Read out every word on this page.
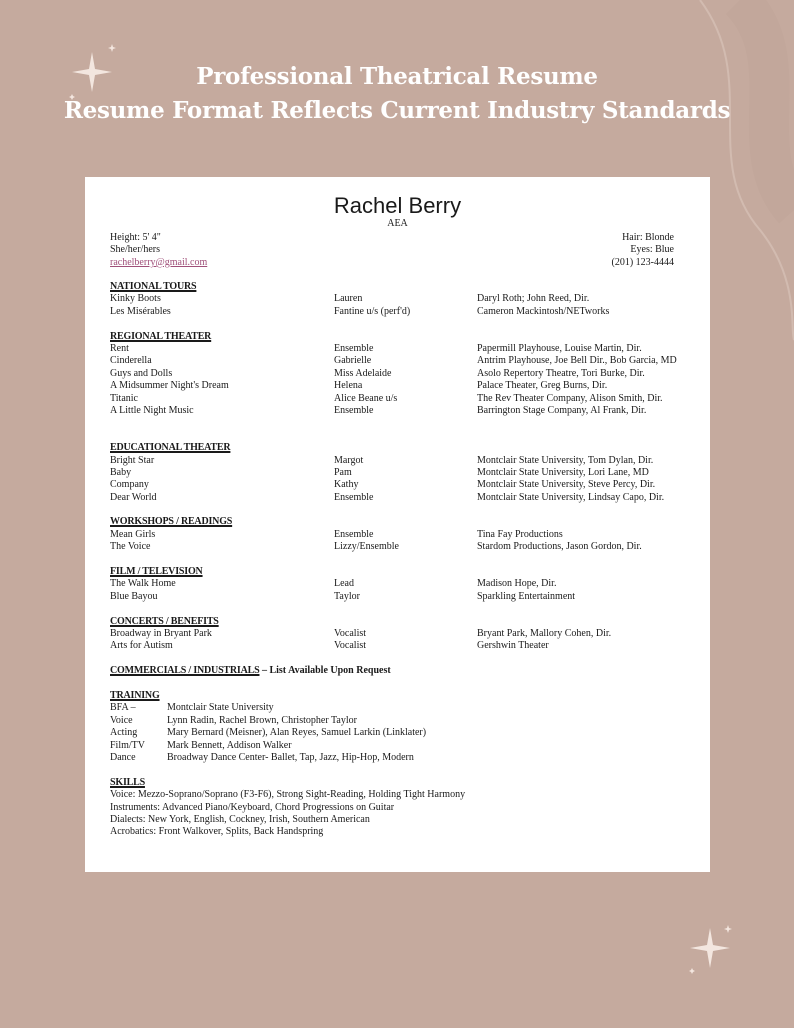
Professional Theatrical Resume
Resume Format Reflects Current Industry Standards
Rachel Berry
AEA
Height: 5' 4"
She/her/hers
rachelberry@gmail.com
Hair: Blonde
Eyes: Blue
(201) 123-4444
NATIONAL TOURS
Kinky Boots	Lauren	Daryl Roth; John Reed, Dir.
Les Misérables	Fantine u/s (perf'd)	Cameron Mackintosh/NETworks
REGIONAL THEATER
Rent	Ensemble	Papermill Playhouse, Louise Martin, Dir.
Cinderella	Gabrielle	Antrim Playhouse, Joe Bell Dir., Bob Garcia, MD
Guys and Dolls	Miss Adelaide	Asolo Repertory Theatre, Tori Burke, Dir.
A Midsummer Night's Dream	Helena	Palace Theater, Greg Burns, Dir.
Titanic	Alice Beane u/s	The Rev Theater Company, Alison Smith, Dir.
A Little Night Music	Ensemble	Barrington Stage Company, Al Frank, Dir.
EDUCATIONAL THEATER
Bright Star	Margot	Montclair State University, Tom Dylan, Dir.
Baby	Pam	Montclair State University, Lori Lane, MD
Company	Kathy	Montclair State University, Steve Percy, Dir.
Dear World	Ensemble	Montclair State University, Lindsay Capo, Dir.
WORKSHOPS / READINGS
Mean Girls	Ensemble	Tina Fay Productions
The Voice	Lizzy/Ensemble	Stardom Productions, Jason Gordon, Dir.
FILM / TELEVISION
The Walk Home	Lead	Madison Hope, Dir.
Blue Bayou	Taylor	Sparkling Entertainment
CONCERTS / BENEFITS
Broadway in Bryant Park	Vocalist	Bryant Park, Mallory Cohen, Dir.
Arts for Autism	Vocalist	Gershwin Theater
COMMERCIALS / INDUSTRIALS – List Available Upon Request
TRAINING
BFA –	Montclair State University
Voice	Lynn Radin, Rachel Brown, Christopher Taylor
Acting	Mary Bernard (Meisner), Alan Reyes, Samuel Larkin (Linklater)
Film/TV Mark Bennett, Addison Walker
Dance	Broadway Dance Center- Ballet, Tap, Jazz, Hip-Hop, Modern
SKILLS
Voice: Mezzo-Soprano/Soprano (F3-F6), Strong Sight-Reading, Holding Tight Harmony
Instruments: Advanced Piano/Keyboard, Chord Progressions on Guitar
Dialects: New York, English, Cockney, Irish, Southern American
Acrobatics: Front Walkover, Splits, Back Handspring
